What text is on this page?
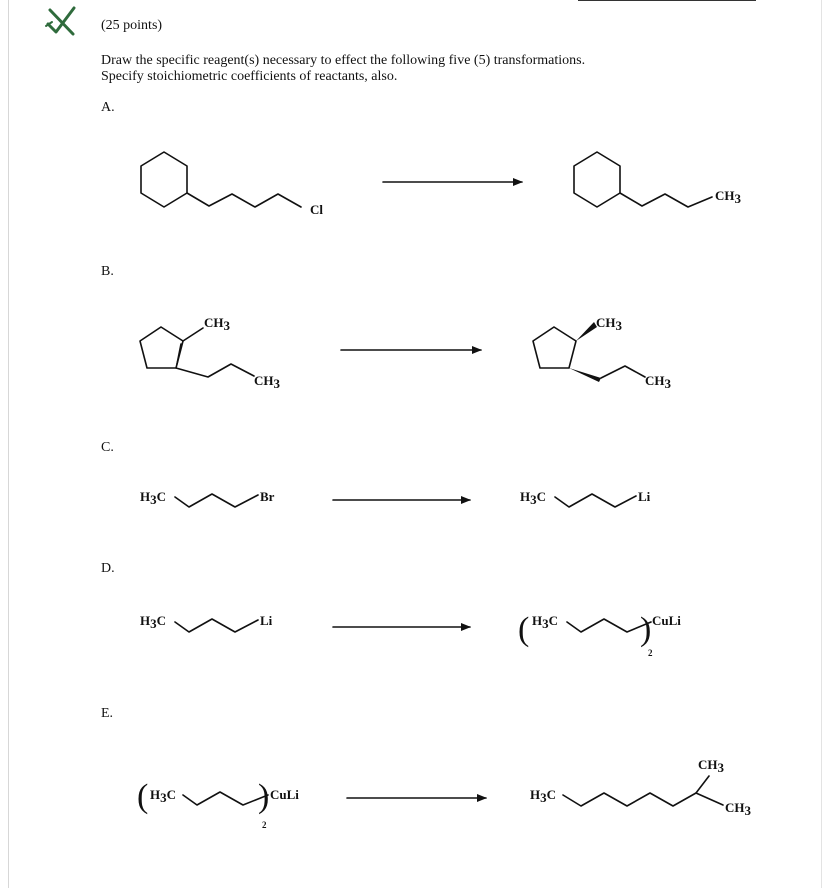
(25 points)
Draw the specific reagent(s) necessary to effect the following five (5) transformations.
Specify stoichiometric coefficients of reactants, also.
A.
B.
C.
D.
E.
Cl
CH3
CH3
CH3
CH3
CH3
H3C	Br	H3C	Li
H3C	Li	( H3C ) CuLi
2
( H3C ) CuLi
2
H3C
CH3
CH3
